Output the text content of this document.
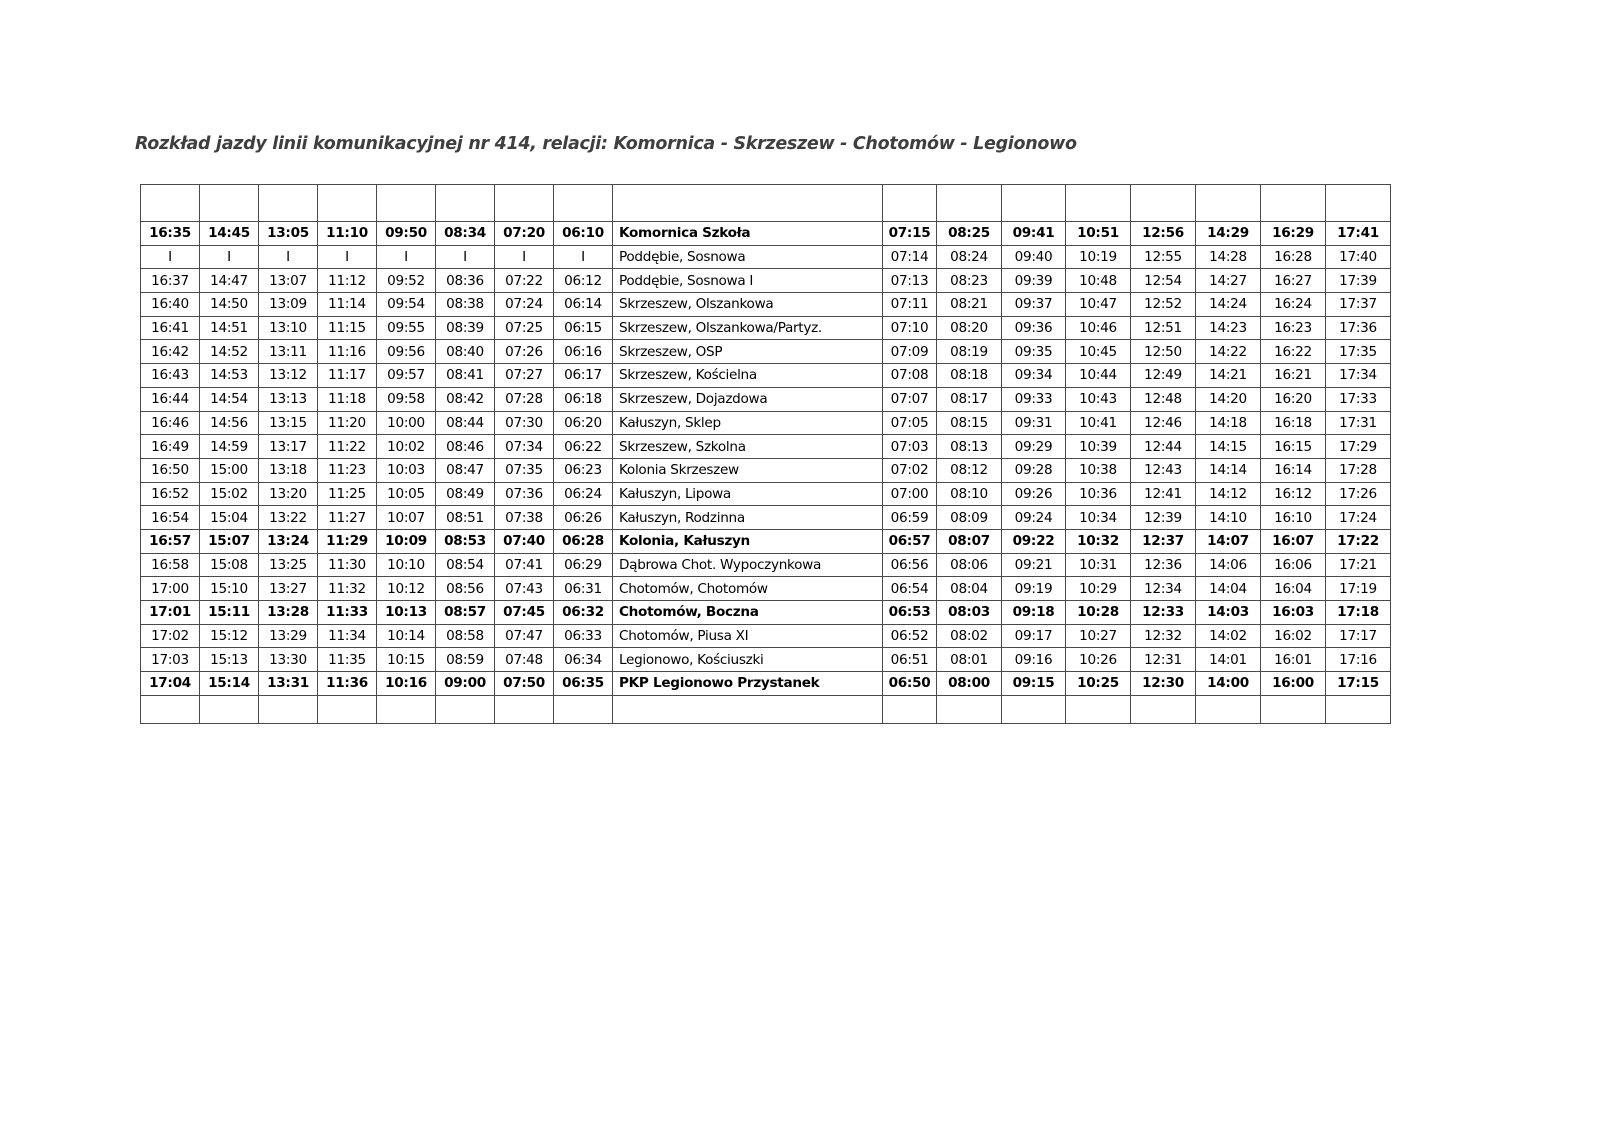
Rozkład jazdy linii komunikacyjnej nr 414, relacji: Komornica - Skrzeszew - Chotomów - Legionowo

16:35	14:45	13:05	11:10	09:50	08:34	07:20	06:10	Komornica Szkoła	07:15	08:25	09:41	10:51	12:56	14:29	16:29	17:41
I	I	I	I	I	I	I	I	Poddębie, Sosnowa	07:14	08:24	09:40	10:19	12:55	14:28	16:28	17:40
16:37	14:47	13:07	11:12	09:52	08:36	07:22	06:12	Poddębie, Sosnowa I	07:13	08:23	09:39	10:48	12:54	14:27	16:27	17:39
16:40	14:50	13:09	11:14	09:54	08:38	07:24	06:14	Skrzeszew, Olszankowa	07:11	08:21	09:37	10:47	12:52	14:24	16:24	17:37
16:41	14:51	13:10	11:15	09:55	08:39	07:25	06:15	Skrzeszew, Olszankowa/Partyz.	07:10	08:20	09:36	10:46	12:51	14:23	16:23	17:36
16:42	14:52	13:11	11:16	09:56	08:40	07:26	06:16	Skrzeszew, OSP	07:09	08:19	09:35	10:45	12:50	14:22	16:22	17:35
16:43	14:53	13:12	11:17	09:57	08:41	07:27	06:17	Skrzeszew, Kościelna	07:08	08:18	09:34	10:44	12:49	14:21	16:21	17:34
16:44	14:54	13:13	11:18	09:58	08:42	07:28	06:18	Skrzeszew, Dojazdowa	07:07	08:17	09:33	10:43	12:48	14:20	16:20	17:33
16:46	14:56	13:15	11:20	10:00	08:44	07:30	06:20	Kałuszyn, Sklep	07:05	08:15	09:31	10:41	12:46	14:18	16:18	17:31
16:49	14:59	13:17	11:22	10:02	08:46	07:34	06:22	Skrzeszew, Szkolna	07:03	08:13	09:29	10:39	12:44	14:15	16:15	17:29
16:50	15:00	13:18	11:23	10:03	08:47	07:35	06:23	Kolonia Skrzeszew	07:02	08:12	09:28	10:38	12:43	14:14	16:14	17:28
16:52	15:02	13:20	11:25	10:05	08:49	07:36	06:24	Kałuszyn, Lipowa	07:00	08:10	09:26	10:36	12:41	14:12	16:12	17:26
16:54	15:04	13:22	11:27	10:07	08:51	07:38	06:26	Kałuszyn, Rodzinna	06:59	08:09	09:24	10:34	12:39	14:10	16:10	17:24
16:57	15:07	13:24	11:29	10:09	08:53	07:40	06:28	Kolonia, Kałuszyn	06:57	08:07	09:22	10:32	12:37	14:07	16:07	17:22
16:58	15:08	13:25	11:30	10:10	08:54	07:41	06:29	Dąbrowa Chot. Wypoczynkowa	06:56	08:06	09:21	10:31	12:36	14:06	16:06	17:21
17:00	15:10	13:27	11:32	10:12	08:56	07:43	06:31	Chotomów, Chotomów	06:54	08:04	09:19	10:29	12:34	14:04	16:04	17:19
17:01	15:11	13:28	11:33	10:13	08:57	07:45	06:32	Chotomów, Boczna	06:53	08:03	09:18	10:28	12:33	14:03	16:03	17:18
17:02	15:12	13:29	11:34	10:14	08:58	07:47	06:33	Chotomów, Piusa XI	06:52	08:02	09:17	10:27	12:32	14:02	16:02	17:17
17:03	15:13	13:30	11:35	10:15	08:59	07:48	06:34	Legionowo, Kościuszki	06:51	08:01	09:16	10:26	12:31	14:01	16:01	17:16
17:04	15:14	13:31	11:36	10:16	09:00	07:50	06:35	PKP Legionowo Przystanek	06:50	08:00	09:15	10:25	12:30	14:00	16:00	17:15
